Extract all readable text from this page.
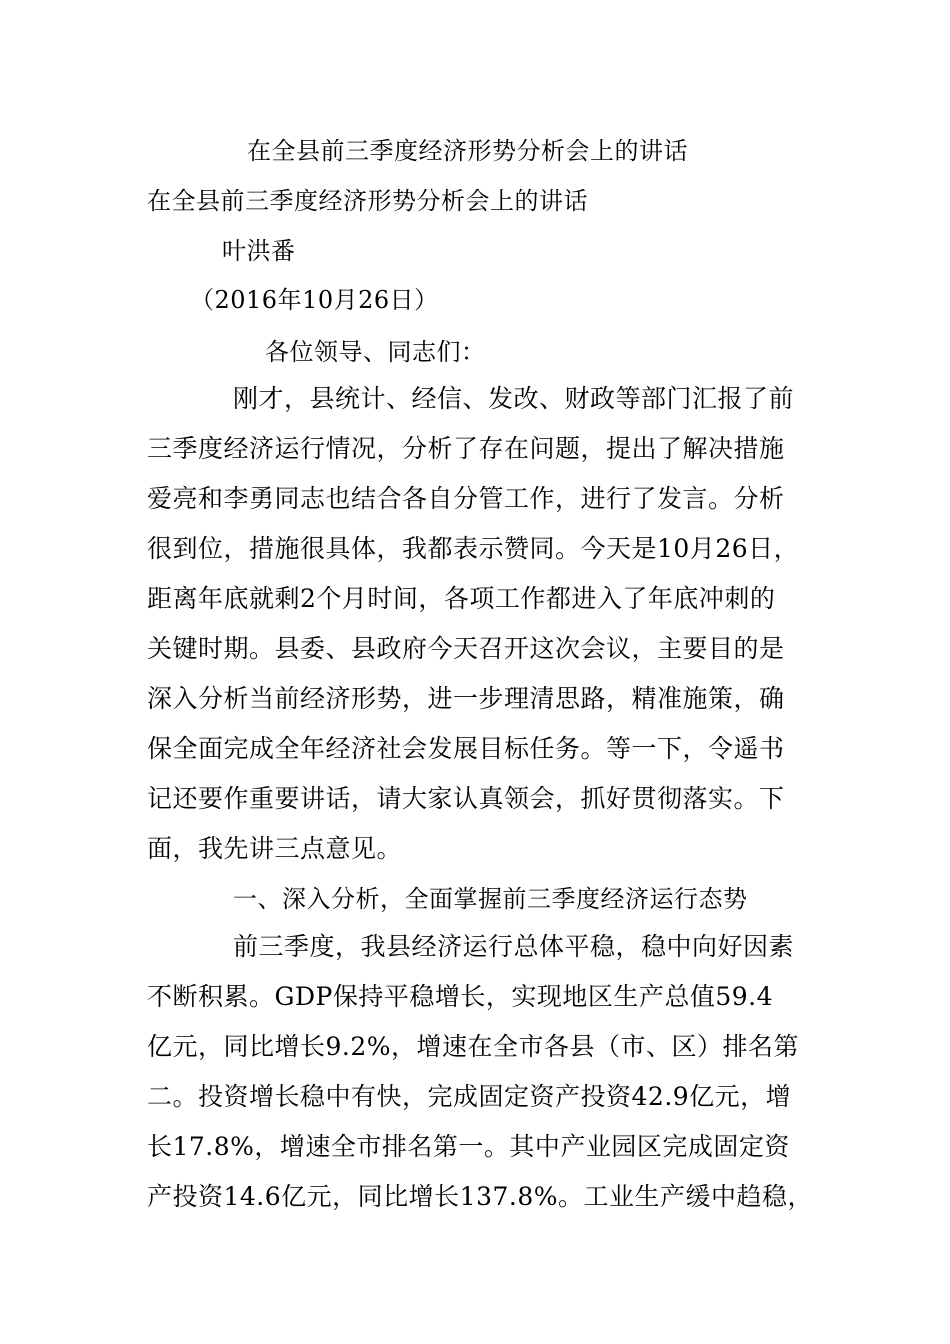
在全县前三季度经济形势分析会上的讲话
在全县前三季度经济形势分析会上的讲话
叶洪番
（2016年10月26日）
各位领导、同志们：
刚才，县统计、经信、发改、财政等部门汇报了前
三季度经济运行情况，分析了存在问题，提出了解决措施
爱亮和李勇同志也结合各自分管工作，进行了发言。分析
很到位，措施很具体，我都表示赞同。今天是10月26日，
距离年底就剩2个月时间，各项工作都进入了年底冲刺的
关键时期。县委、县政府今天召开这次会议，主要目的是
深入分析当前经济形势，进一步理清思路，精准施策，确
保全面完成全年经济社会发展目标任务。等一下，令遥书
记还要作重要讲话，请大家认真领会，抓好贯彻落实。下
面，我先讲三点意见。
一、深入分析，全面掌握前三季度经济运行态势
前三季度，我县经济运行总体平稳，稳中向好因素
不断积累。GDP保持平稳增长，实现地区生产总值59.4
亿元，同比增长9.2%，增速在全市各县（市、区）排名第
二。投资增长稳中有快，完成固定资产投资42.9亿元，增
长17.8%，增速全市排名第一。其中产业园区完成固定资
产投资14.6亿元，同比增长137.8%。工业生产缓中趋稳，
